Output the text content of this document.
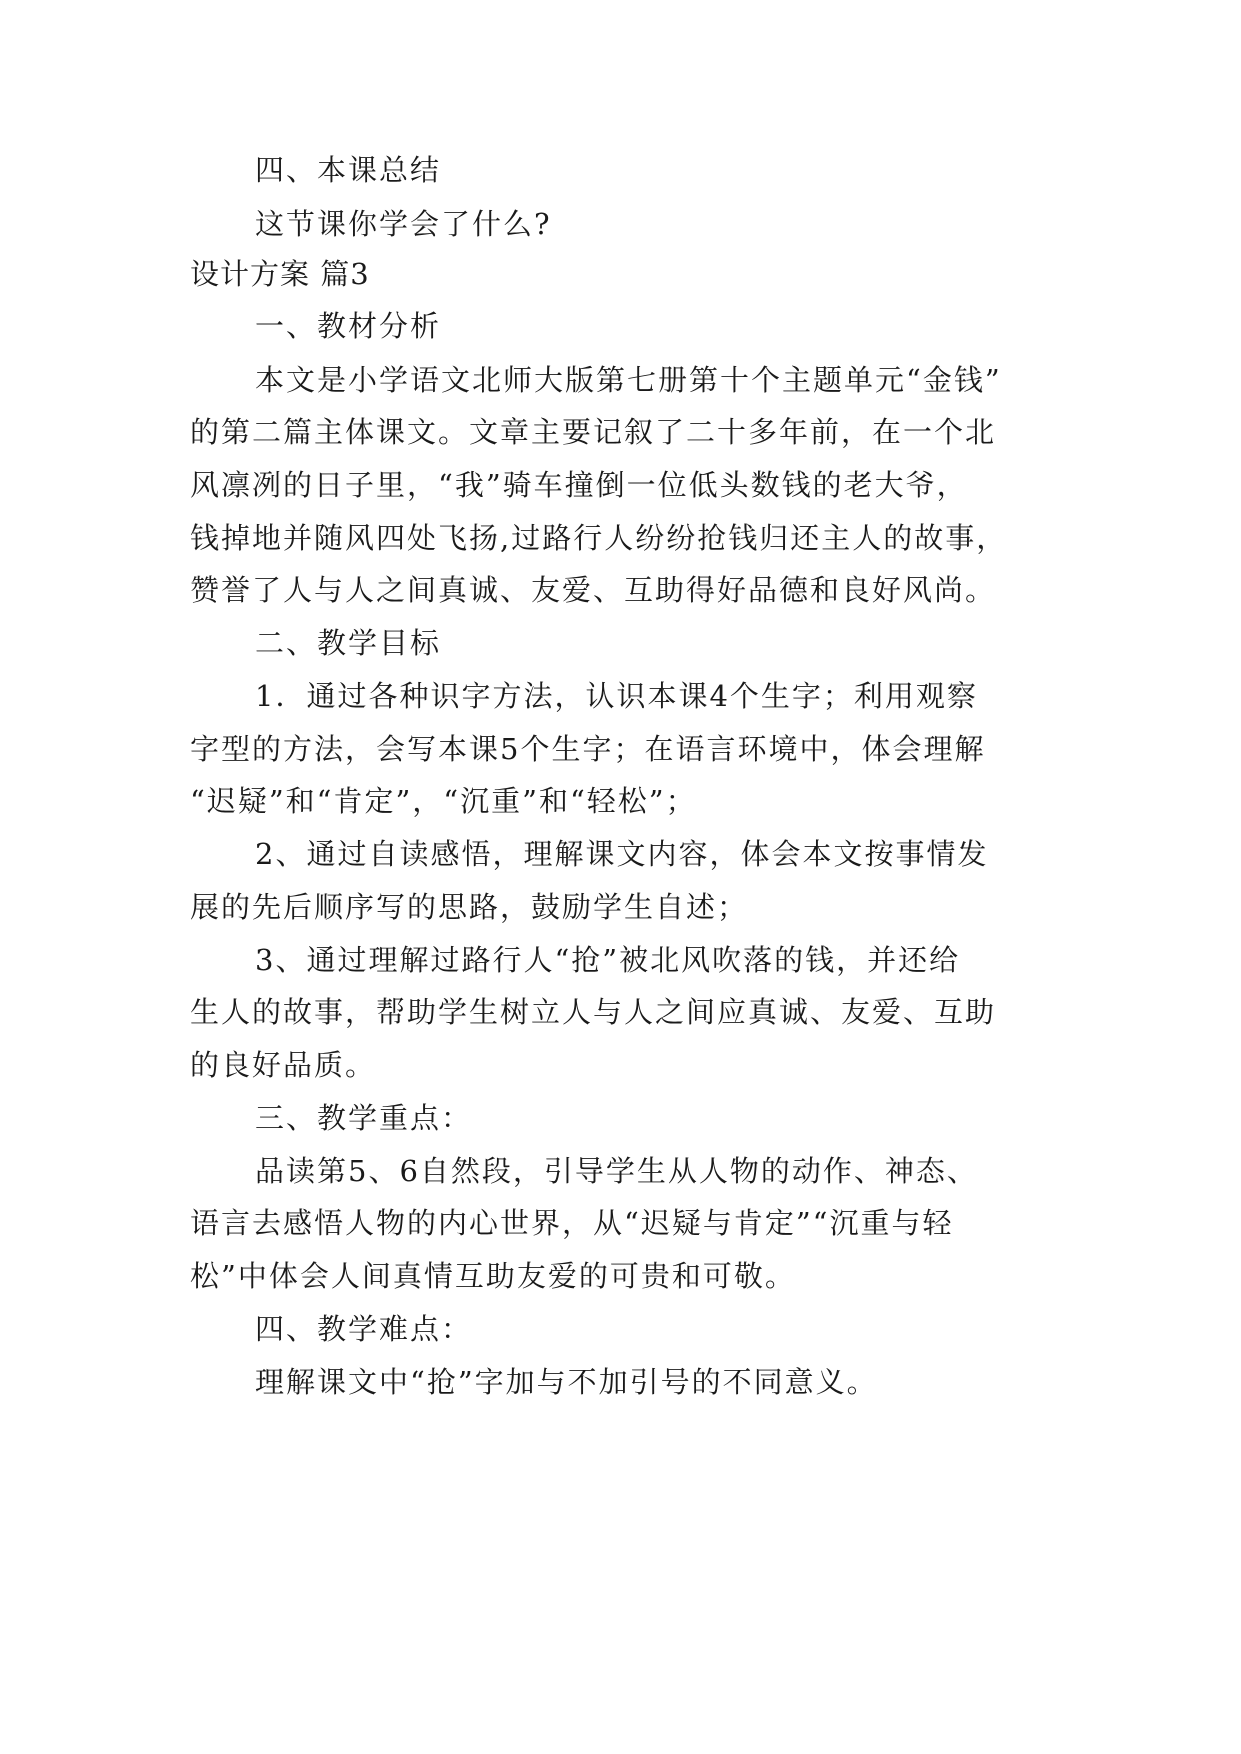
四、本课总结
这节课你学会了什么?
设计方案 篇3
一、教材分析
本文是小学语文北师大版第七册第十个主题单元“金钱”
的第二篇主体课文。文章主要记叙了二十多年前，在一个北
风凛冽的日子里，“我”骑车撞倒一位低头数钱的老大爷，
钱掉地并随风四处飞扬,过路行人纷纷抢钱归还主人的故事，
赞誉了人与人之间真诚、友爱、互助得好品德和良好风尚。
二、教学目标
1．通过各种识字方法，认识本课4个生字；利用观察
字型的方法，会写本课5个生字；在语言环境中，体会理解
“迟疑”和“肯定”，“沉重”和“轻松”；
2、通过自读感悟，理解课文内容，体会本文按事情发
展的先后顺序写的思路，鼓励学生自述；
3、通过理解过路行人“抢”被北风吹落的钱，并还给
生人的故事，帮助学生树立人与人之间应真诚、友爱、互助
的良好品质。
三、教学重点：
品读第5、6自然段，引导学生从人物的动作、神态、
语言去感悟人物的内心世界，从“迟疑与肯定”“沉重与轻
松”中体会人间真情互助友爱的可贵和可敬。
四、教学难点：
理解课文中“抢”字加与不加引号的不同意义。
